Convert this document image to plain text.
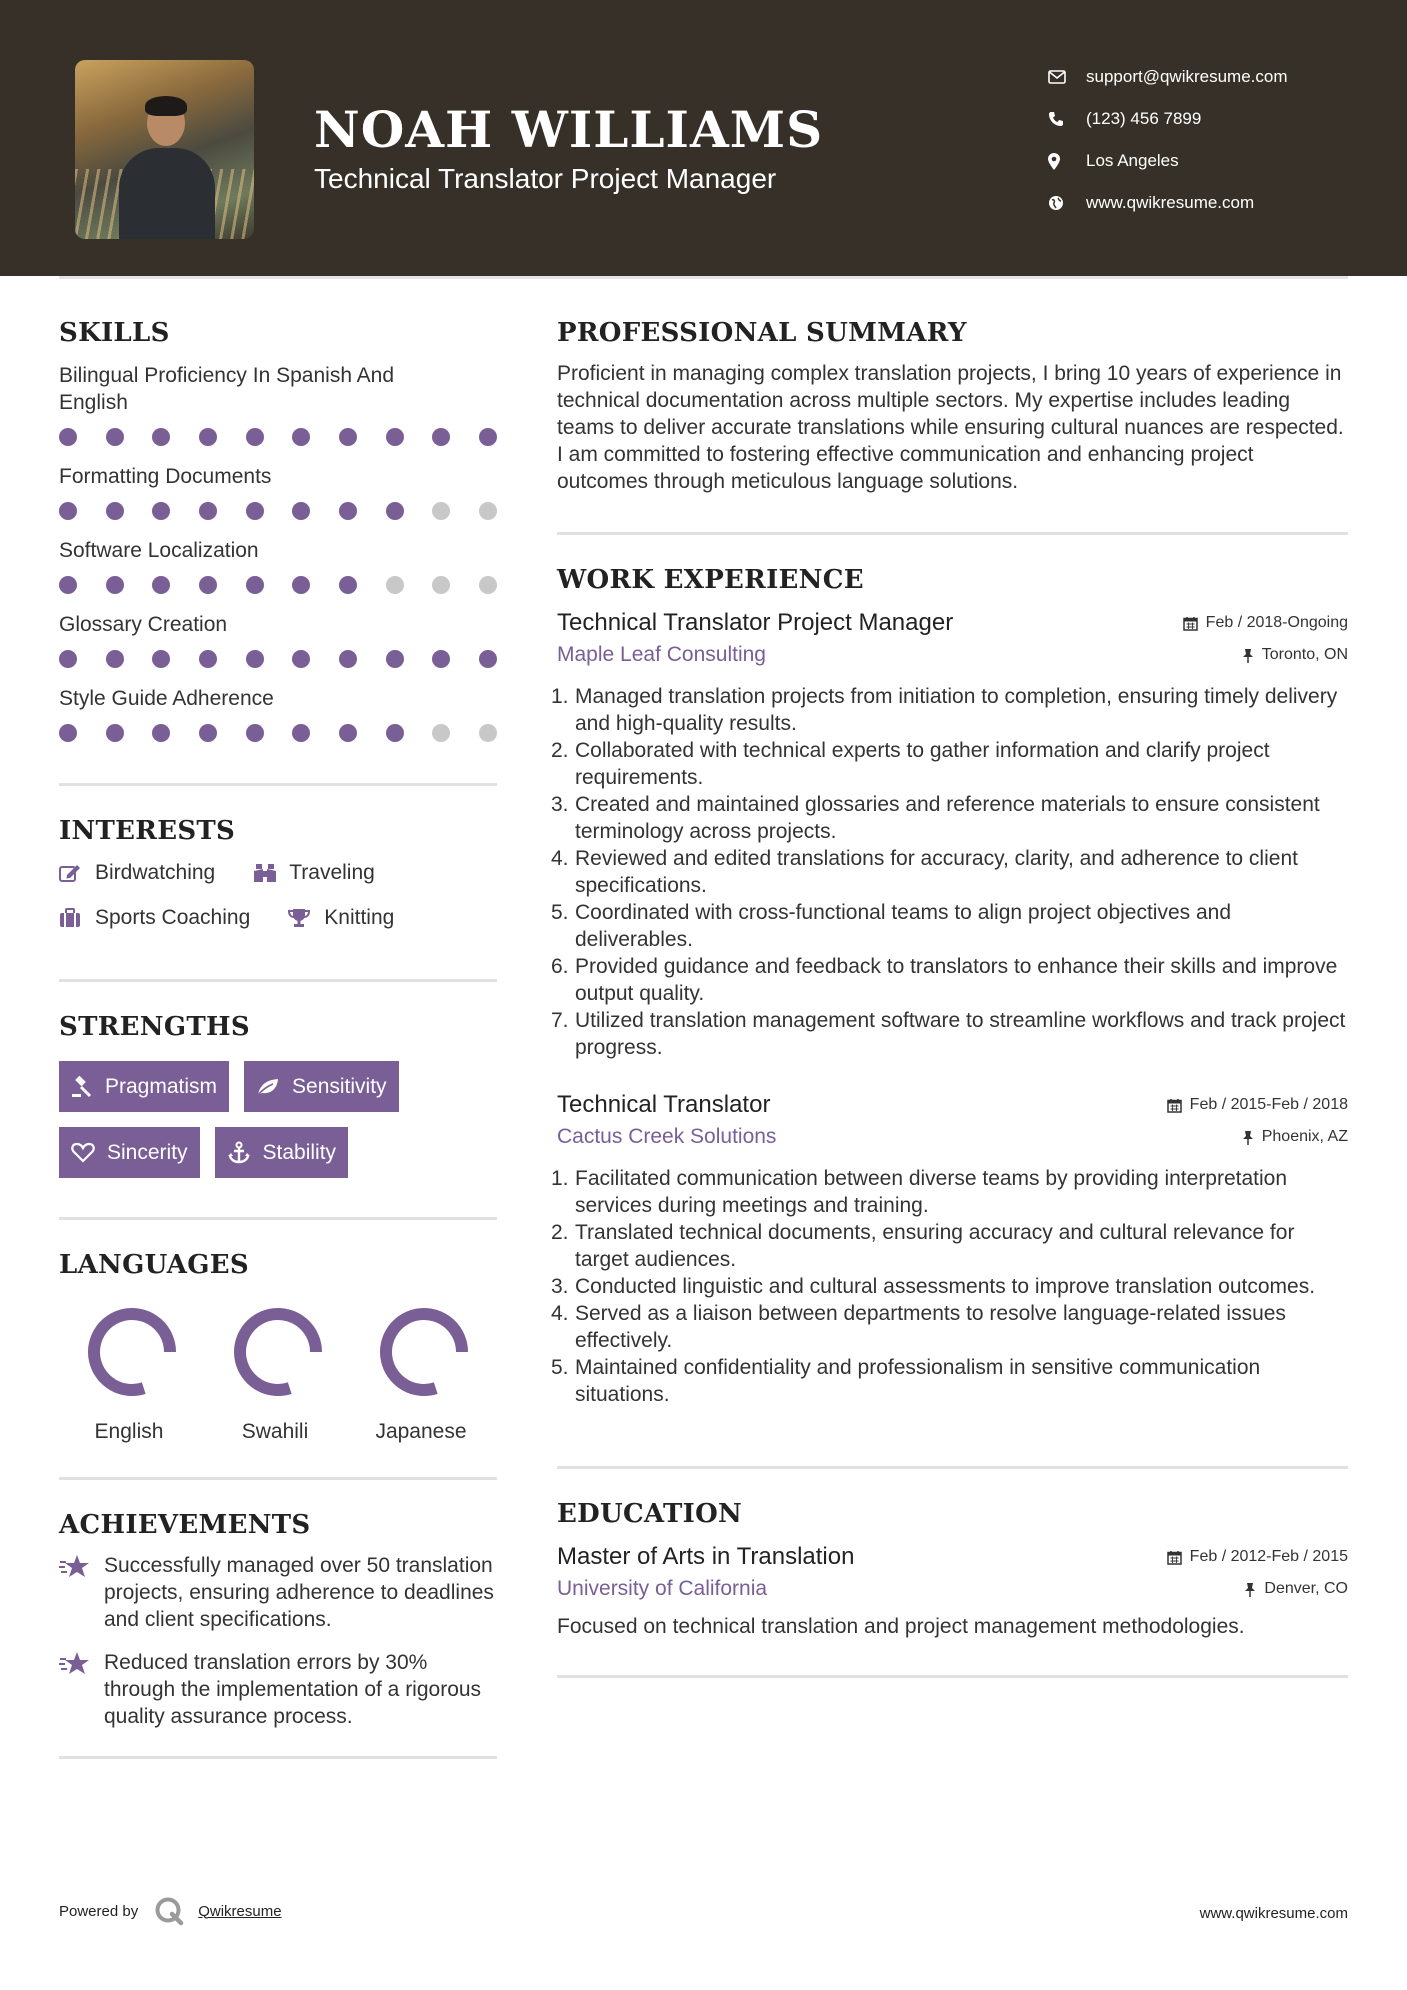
NOAH WILLIAMS
Technical Translator Project Manager
support@qwikresume.com
(123) 456 7899
Los Angeles
www.qwikresume.com
SKILLS
Bilingual Proficiency In Spanish And English
Formatting Documents
Software Localization
Glossary Creation
Style Guide Adherence
INTERESTS
Birdwatching	Traveling
Sports Coaching	Knitting
STRENGTHS
Pragmatism	Sensitivity
Sincerity	Stability
LANGUAGES
English	Swahili	Japanese
ACHIEVEMENTS
Successfully managed over 50 translation projects, ensuring adherence to deadlines and client specifications.
Reduced translation errors by 30% through the implementation of a rigorous quality assurance process.
PROFESSIONAL SUMMARY
Proficient in managing complex translation projects, I bring 10 years of experience in technical documentation across multiple sectors. My expertise includes leading teams to deliver accurate translations while ensuring cultural nuances are respected. I am committed to fostering effective communication and enhancing project outcomes through meticulous language solutions.
WORK EXPERIENCE
Technical Translator Project Manager	Feb / 2018-Ongoing
Maple Leaf Consulting	Toronto, ON
1. Managed translation projects from initiation to completion, ensuring timely delivery and high-quality results.
2. Collaborated with technical experts to gather information and clarify project requirements.
3. Created and maintained glossaries and reference materials to ensure consistent terminology across projects.
4. Reviewed and edited translations for accuracy, clarity, and adherence to client specifications.
5. Coordinated with cross-functional teams to align project objectives and deliverables.
6. Provided guidance and feedback to translators to enhance their skills and improve output quality.
7. Utilized translation management software to streamline workflows and track project progress.
Technical Translator	Feb / 2015-Feb / 2018
Cactus Creek Solutions	Phoenix, AZ
1. Facilitated communication between diverse teams by providing interpretation services during meetings and training.
2. Translated technical documents, ensuring accuracy and cultural relevance for target audiences.
3. Conducted linguistic and cultural assessments to improve translation outcomes.
4. Served as a liaison between departments to resolve language-related issues effectively.
5. Maintained confidentiality and professionalism in sensitive communication situations.
EDUCATION
Master of Arts in Translation	Feb / 2012-Feb / 2015
University of California	Denver, CO
Focused on technical translation and project management methodologies.
Powered by	Qwikresume	www.qwikresume.com
